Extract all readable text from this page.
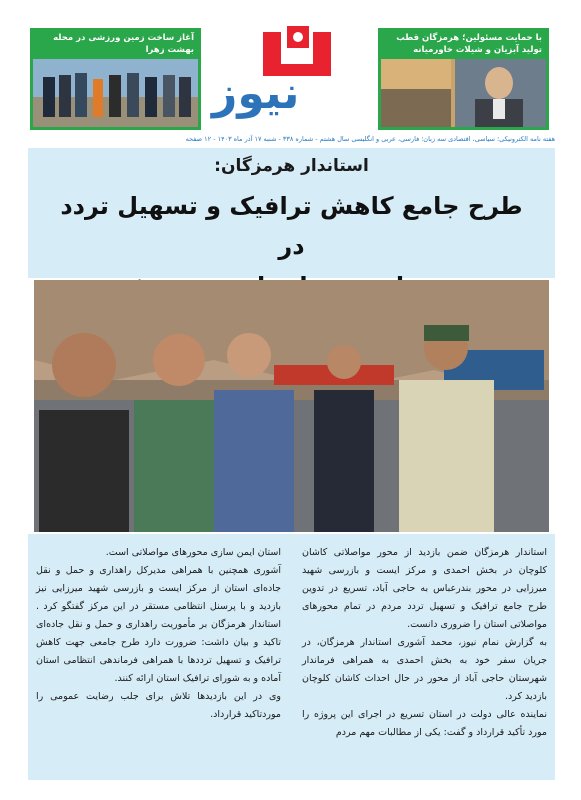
آغاز ساخت زمین ورزشی در محله بهشت زهرا
نیوز
با حمایت مسئولین؛ هرمزگان قطب تولید آبزیان و شیلات خاورمیانه
هفته نامه الکترونیکی؛ سیاسی، اقتصادی سه زبان؛ فارسی، عربی و انگلیسی سال هشتم - شماره ۳۳۸ - شنبه ۱۷ آذر ماه ۱۴۰۳ - ۱۲ صفحه
استاندار هرمزگان:
طرح جامع کاهش ترافیک و تسهیل تردد در

استاندار هرمزگان ضمن بازدید از محور مواصلاتی کاشان کلوچان در بخش احمدی و مرکز ایست و بازرسی شهید میرزایی در محور بندرعباس به حاجی آباد، تسریع در تدوین طرح جامع ترافیک و تسهیل تردد مردم در تمام محورهای مواصلاتی استان را ضروری دانست.

به گزارش نمام نیوز، محمد آشوری استاندار هرمزگان، در جریان سفر خود به بخش احمدی به همراهی فرماندار شهرستان حاجی آباد از محور در حال احداث کاشان کلوچان بازدید کرد.

نماینده عالی دولت در استان تسریع در اجرای این پروژه را مورد تأکید قرارداد و گفت: یکی از مطالبات مهم مردم

استان ایمن سازی محورهای مواصلاتی است.

آشوری همچنین با همراهی مدیرکل راهداری و حمل و نقل جاده‌ای استان از مرکز ایست و بازرسی شهید میرزایی نیز بازدید و با پرسنل انتظامی مستقر در این مرکز گفتگو کرد . استاندار هرمزگان بر مأموریت راهداری و حمل و نقل جاده‌ای تاکید و بیان داشت: ضرورت دارد طرح جامعی جهت کاهش ترافیک و تسهیل ترددها با همراهی فرماندهی انتظامی استان آماده و به شورای ترافیک استان ارائه کنند.

وی در این بازدیدها تلاش برای جلب رضایت عمومی را موردتاکید قرارداد.
